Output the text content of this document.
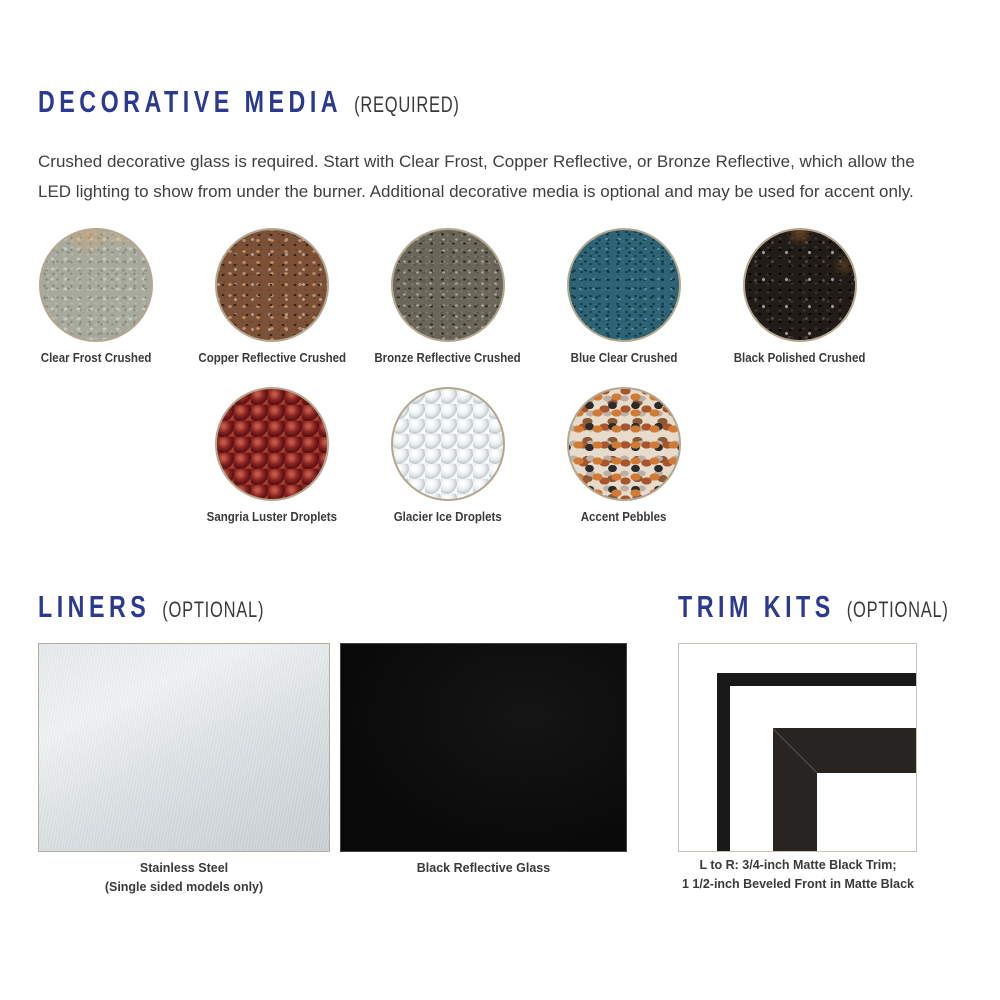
DECORATIVE MEDIA (REQUIRED)

Crushed decorative glass is required. Start with Clear Frost, Copper Reflective, or Bronze Reflective, which allow the LED lighting to show from under the burner. Additional decorative media is optional and may be used for accent only.

Clear Frost Crushed	Copper Reflective Crushed Bronze Reflective Crushed	Blue Clear Crushed	Black Polished Crushed
Sangria Luster Droplets	Glacier Ice Droplets	Accent Pebbles
LINERS (OPTIONAL)	TRIM KITS (OPTIONAL)
Stainless Steel
(Single sided models only)
Black Reflective Glass	L to R: 3/4-inch Matte Black Trim;
1 1/2-inch Beveled Front in Matte Black
